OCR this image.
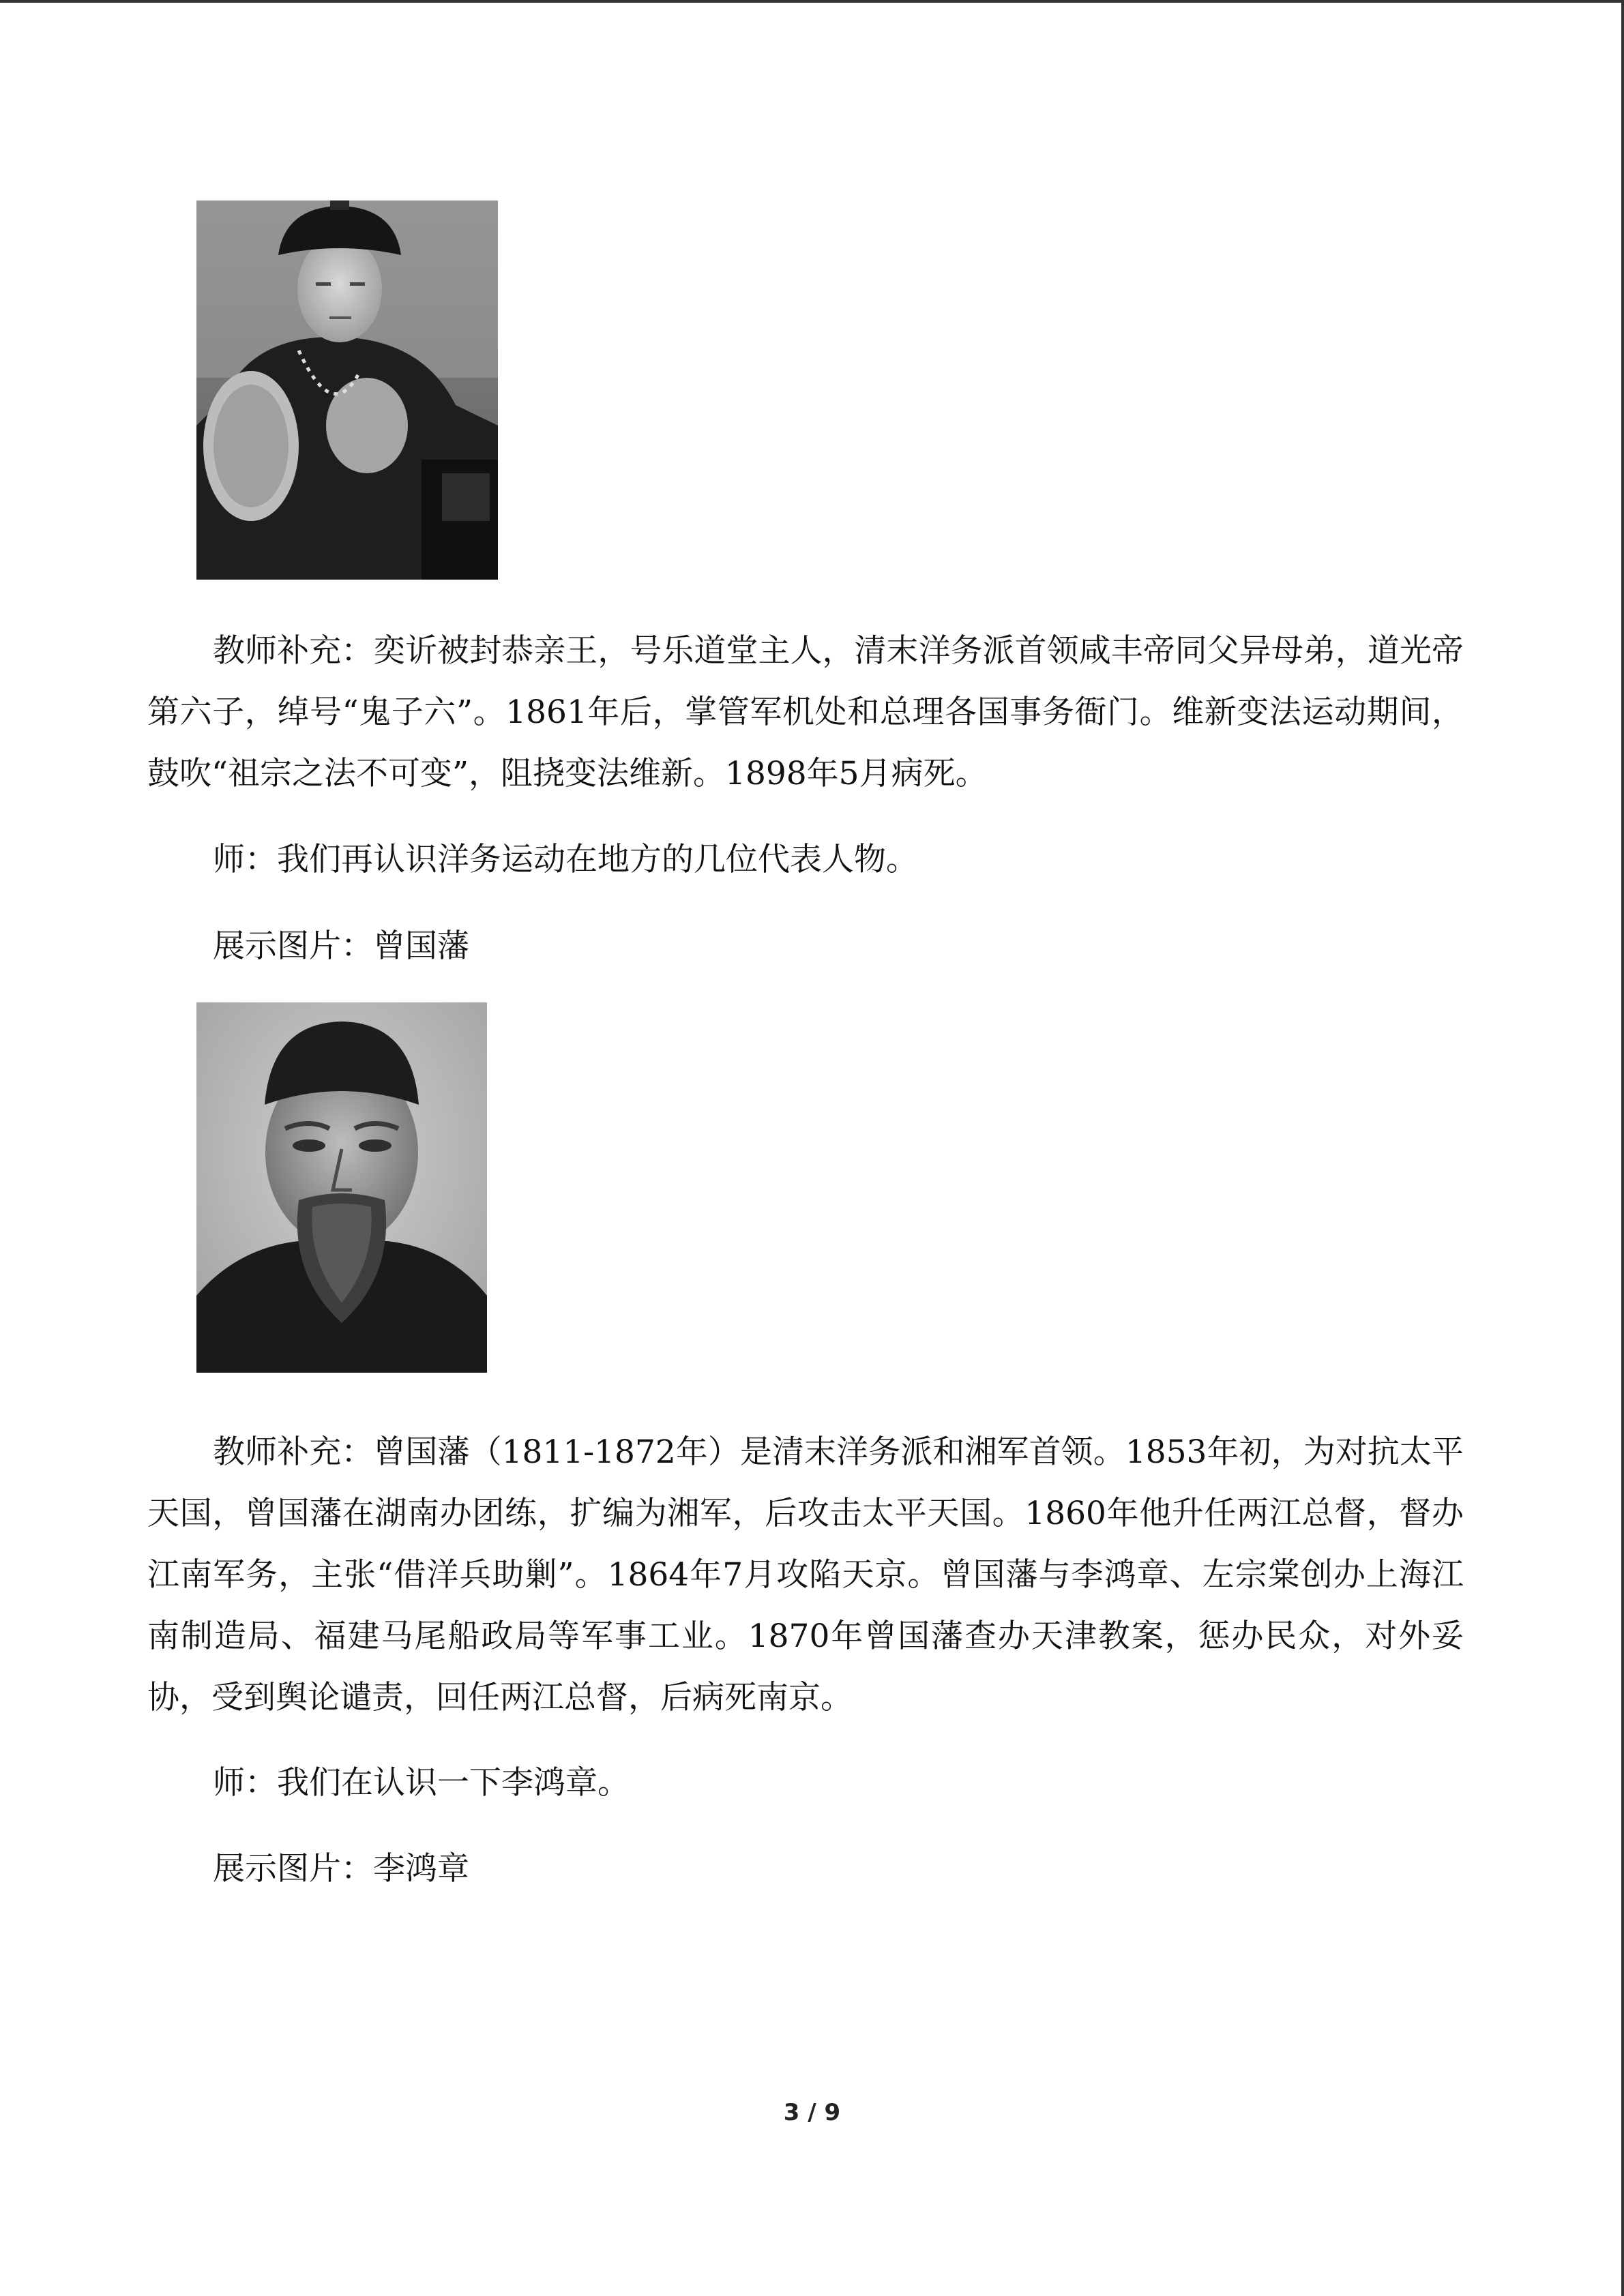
教师补充：奕䜣被封恭亲王，号乐道堂主人，清末洋务派首领咸丰帝同父异母弟，道光帝第六子，绰号“鬼子六”。1861年后，掌管军机处和总理各国事务衙门。维新变法运动期间，鼓吹“祖宗之法不可变”，阻挠变法维新。1898年5月病死。

师：我们再认识洋务运动在地方的几位代表人物。

展示图片：曾国藩

教师补充：曾国藩（1811-1872年）是清末洋务派和湘军首领。1853年初，为对抗太平天国，曾国藩在湖南办团练，扩编为湘军，后攻击太平天国。1860年他升任两江总督，督办江南军务，主张“借洋兵助剿”。1864年7月攻陷天京。曾国藩与李鸿章、左宗棠创办上海江南制造局、福建马尾船政局等军事工业。1870年曾国藩查办天津教案，惩办民众，对外妥协，受到舆论谴责，回任两江总督，后病死南京。

师：我们在认识一下李鸿章。

展示图片：李鸿章

3 / 9
